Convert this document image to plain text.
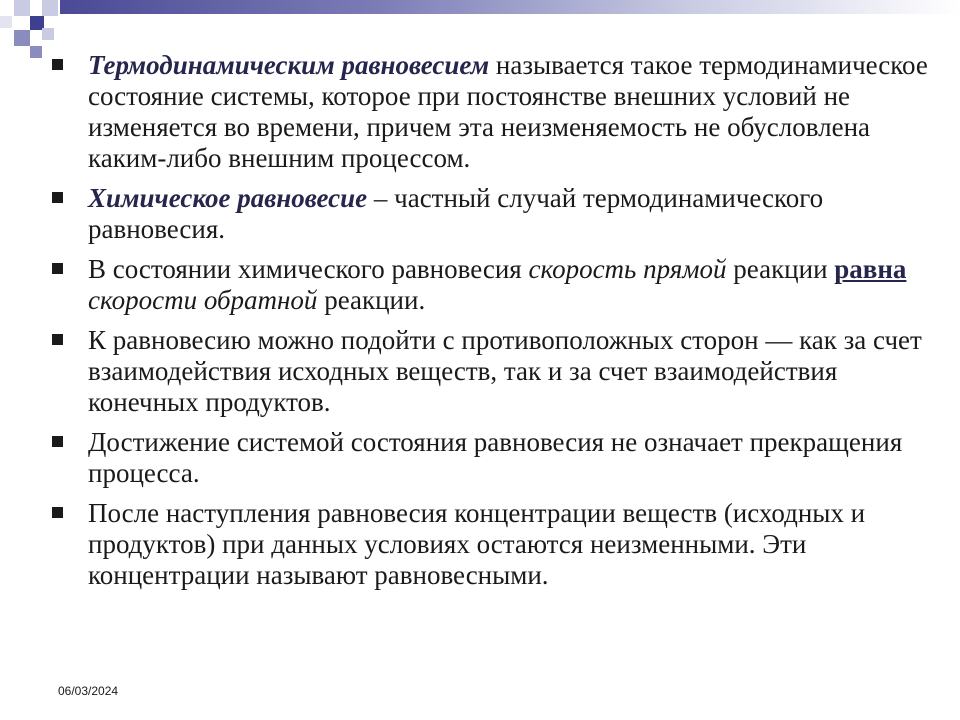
Термодинамическим равновесием называется такое термодинамическое состояние системы, которое при постоянстве внешних условий не изменяется во времени, причем эта неизменяемость не обусловлена каким-либо внешним процессом.
Химическое равновесие – частный случай термодинамического равновесия.
В состоянии химического равновесия скорость прямой реакции равна скорости обратной реакции.
К равновесию можно подойти с противоположных сторон — как за счет взаимодействия исходных веществ, так и за счет взаимодействия конечных продуктов.
Достижение системой состояния равновесия не означает прекращения процесса.
После наступления равновесия концентрации веществ (исходных и продуктов) при данных условиях остаются неизменными. Эти концентрации называют равновесными.
06/03/2024
